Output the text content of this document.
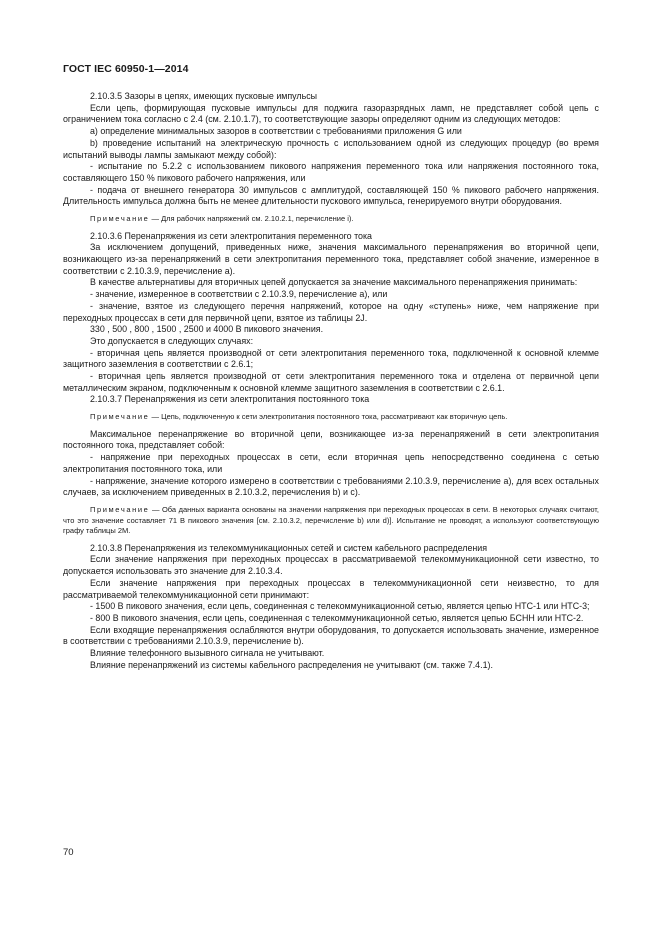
ГОСТ IEC 60950-1—2014

2.10.3.5 Зазоры в цепях, имеющих пусковые импульсы

Если цепь, формирующая пусковые импульсы для поджига газоразрядных ламп, не представляет собой цепь с ограничением тока согласно с 2.4 (см. 2.10.1.7), то соответствующие зазоры определяют одним из следующих методов:

а) определение минимальных зазоров в соответствии с требованиями приложения G или

b) проведение испытаний на электрическую прочность с использованием одной из следующих процедур (во время испытаний выводы лампы замыкают между собой):

- испытание по 5.2.2 с использованием пикового напряжения переменного тока или напряжения постоянного тока, составляющего 150 % пикового рабочего напряжения, или

- подача от внешнего генератора 30 импульсов с амплитудой, составляющей 150 % пикового рабочего напряжения. Длительность импульса должна быть не менее длительности пускового импульса, генерируемого внутри оборудования.

Примечание — Для рабочих напряжений см. 2.10.2.1, перечисление i).

2.10.3.6 Перенапряжения из сети электропитания переменного тока

За исключением допущений, приведенных ниже, значения максимального перенапряжения во вторичной цепи, возникающего из-за перенапряжений в сети электропитания переменного тока, представляет собой значение, измеренное в соответствии с 2.10.3.9, перечисление а).

В качестве альтернативы для вторичных цепей допускается за значение максимального перенапряжения принимать:

- значение, измеренное в соответствии с 2.10.3.9, перечисление а), или

- значение, взятое из следующего перечня напряжений, которое на одну «ступень» ниже, чем напряжение при переходных процессах в сети для первичной цепи, взятое из таблицы 2J.

330 , 500 , 800 , 1500 , 2500 и 4000 В пикового значения.

Это допускается в следующих случаях:

- вторичная цепь является производной от сети электропитания переменного тока, подключенной к основной клемме защитного заземления в соответствии с 2.6.1;

- вторичная цепь является производной от сети электропитания переменного тока и отделена от первичной цепи металлическим экраном, подключенным к основной клемме защитного заземления в соответствии с 2.6.1.

2.10.3.7 Перенапряжения из сети электропитания постоянного тока

Примечание — Цепь, подключенную к сети электропитания постоянного тока, рассматривают как вторичную цепь.

Максимальное перенапряжение во вторичной цепи, возникающее из-за перенапряжений в сети электропитания постоянного тока, представляет собой:

- напряжение при переходных процессах в сети, если вторичная цепь непосредственно соединена с сетью электропитания постоянного тока, или

- напряжение, значение которого измерено в соответствии с требованиями 2.10.3.9, перечисление а), для всех остальных случаев, за исключением приведенных в 2.10.3.2, перечисления b) и c).

Примечание — Оба данных варианта основаны на значении напряжения при переходных процессах в сети. В некоторых случаях считают, что это значение составляет 71 В пикового значения [см. 2.10.3.2, перечисление b) или d)]. Испытание не проводят, а используют соответствующую графу таблицы 2М.

2.10.3.8 Перенапряжения из телекоммуникационных сетей и систем кабельного распределения

Если значение напряжения при переходных процессах в рассматриваемой телекоммуникационной сети известно, то допускается использовать это значение для 2.10.3.4.

Если значение напряжения при переходных процессах в телекоммуникационной сети неизвестно, то для рассматриваемой телекоммуникационной сети принимают:

- 1500 В пикового значения, если цепь, соединенная с телекоммуникационной сетью, является цепью НТС-1 или НТС-3;

- 800 В пикового значения, если цепь, соединенная с телекоммуникационной сетью, является цепью БСНН или НТС-2.

Если входящие перенапряжения ослабляются внутри оборудования, то допускается использовать значение, измеренное в соответствии с требованиями 2.10.3.9, перечисление b).

Влияние телефонного вызывного сигнала не учитывают.

Влияние перенапряжений из системы кабельного распределения не учитывают (см. также 7.4.1).

70
